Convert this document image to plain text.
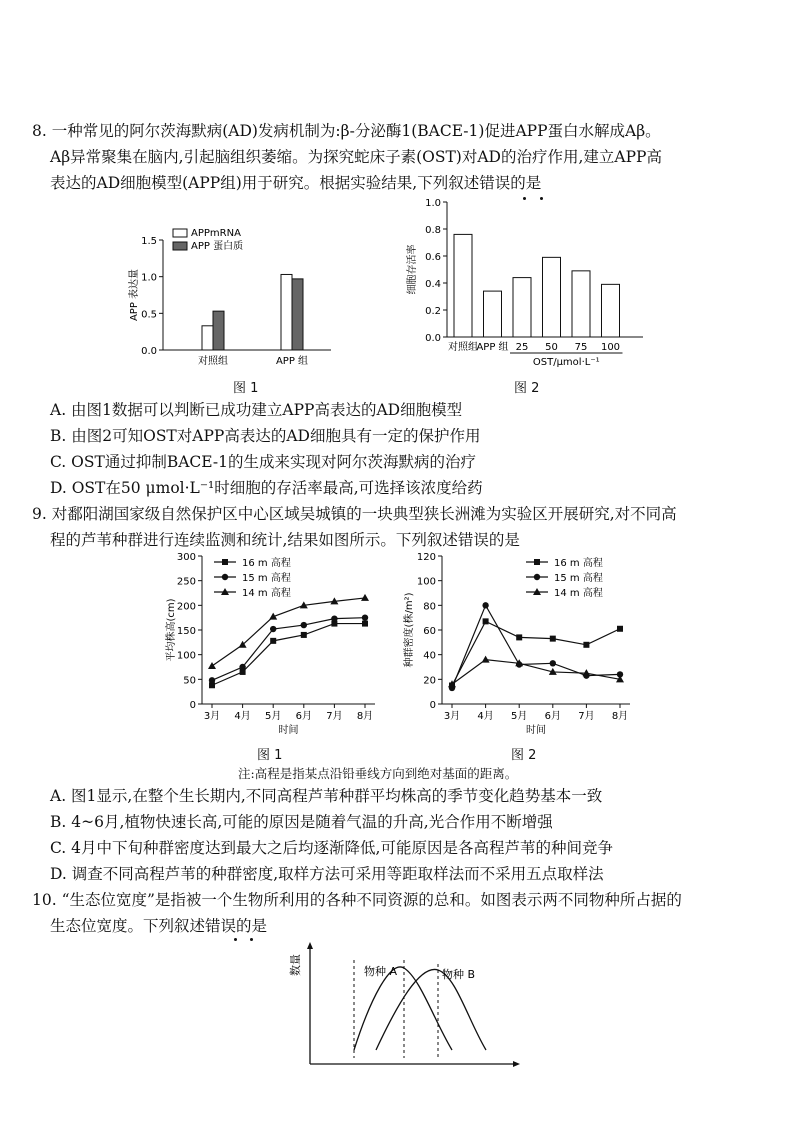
8. 一种常见的阿尔茨海默病(AD)发病机制为:β-分泌酶1(BACE-1)促进APP蛋白水解成Aβ。
Aβ异常聚集在脑内,引起脑组织萎缩。为探究蛇床子素(OST)对AD的治疗作用,建立APP高
表达的AD细胞模型(APP组)用于研究。根据实验结果,下列叙述错误的是
0.0
0.5
1.0
1.5
APP 表达量
对照组	APP 组
APPmRNA
APP 蛋白质
0.0
0.2
0.4
0.6
0.8
1.0
细胞存活率
对照组
APP 组 25 50 75 100
OST/μmol·L⁻¹
图 1	图 2
A. 由图1数据可以判断已成功建立APP高表达的AD细胞模型
B. 由图2可知OST对APP高表达的AD细胞具有一定的保护作用
C. OST通过抑制BACE-1的生成来实现对阿尔茨海默病的治疗
D. OST在50 μmol·L⁻¹时细胞的存活率最高,可选择该浓度给药
9. 对鄱阳湖国家级自然保护区中心区域吴城镇的一块典型狭长洲滩为实验区开展研究,对不同高
程的芦苇种群进行连续监测和统计,结果如图所示。下列叙述错误的是
0
50
100
150
200
250
300
平均株高(cm)
3月 4月 5月 6月 7月 8月
时间
16 m 高程
15 m 高程
14 m 高程
0
20
40
60
80
100
120
种群密度(株/m²)
3月 4月 5月 6月 7月 8月
时间
16 m 高程
15 m 高程
14 m 高程
图 1	图 2
注:高程是指某点沿铅垂线方向到绝对基面的距离。
A. 图1显示,在整个生长期内,不同高程芦苇种群平均株高的季节变化趋势基本一致
B. 4~6月,植物快速长高,可能的原因是随着气温的升高,光合作用不断增强
C. 4月中下旬种群密度达到最大之后均逐渐降低,可能原因是各高程芦苇的种间竞争
D. 调查不同高程芦苇的种群密度,取样方法可采用等距取样法而不采用五点取样法
10. “生态位宽度”是指被一个生物所利用的各种不同资源的总和。如图表示两不同物种所占据的
生态位宽度。下列叙述错误的是
数量	物种 A	物种 B
